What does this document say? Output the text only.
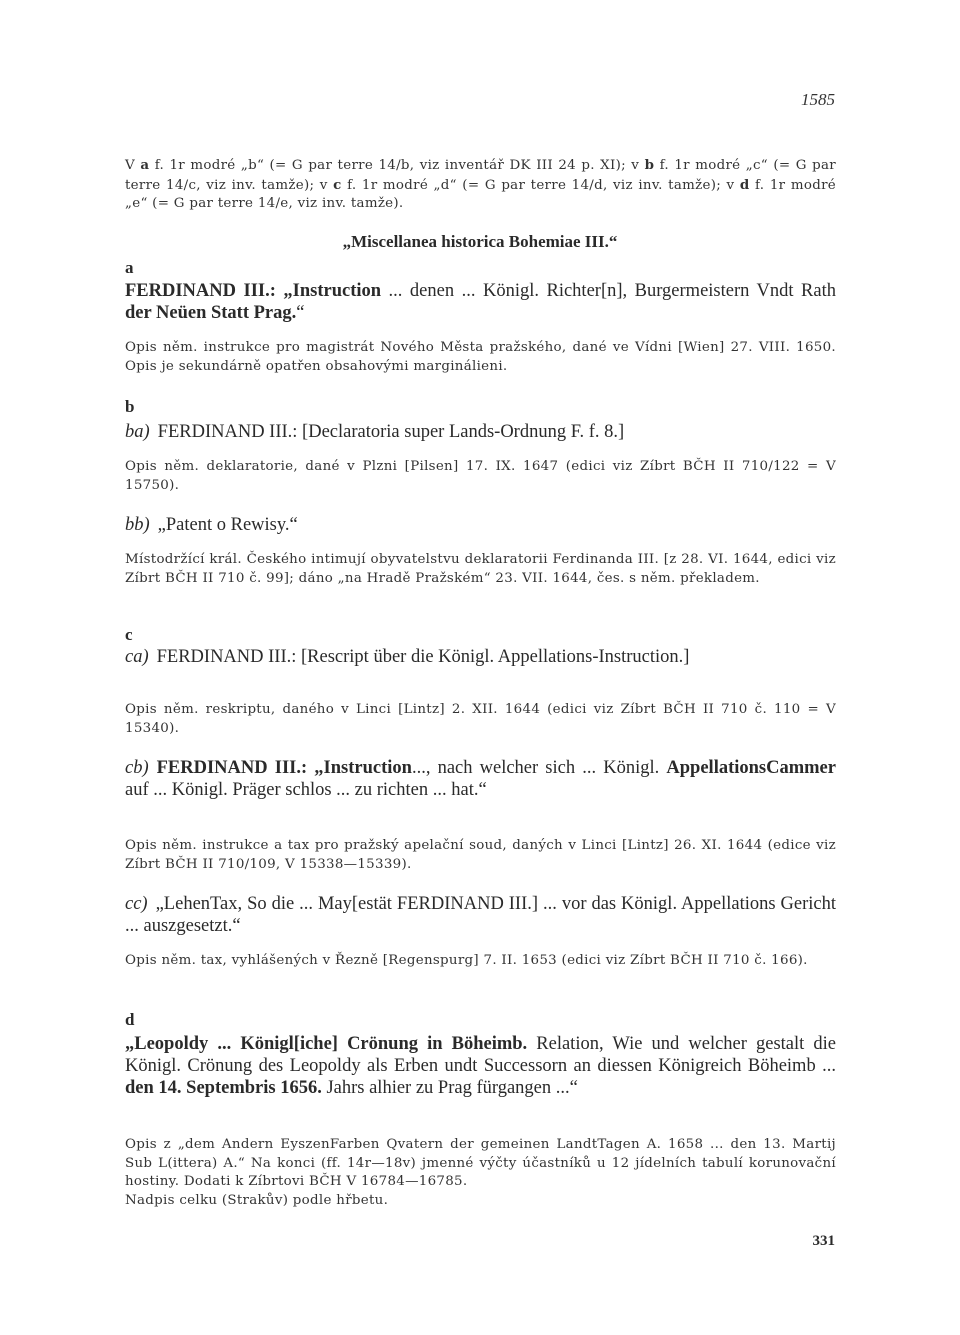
1585
V a f. 1r modré „b“ (= G par terre 14/b, viz inventář DK III 24 p. XI); v b f. 1r modré „c“ (= G par terre 14/c, viz inv. tamže); v c f. 1r modré „d“ (= G par terre 14/d, viz inv. tamže); v d f. 1r modré „e“ (= G par terre 14/e, viz inv. tamže).
„Miscellanea historica Bohemiae III.“
a
FERDINAND III.: „Instruction ... denen ... Königl. Richter[n], Burgermeistern Vndt Rath der Neüen Statt Prag.“
Opis něm. instrukce pro magistrát Nového Města pražského, dané ve Vídni [Wien] 27. VIII. 1650. Opis je sekundárně opatřen obsahovými marginálieni.
b
ba) FERDINAND III.: [Declaratoria super Lands-Ordnung F. f. 8.]
Opis něm. deklaratorie, dané v Plzni [Pilsen] 17. IX. 1647 (edici viz Zíbrt BČH II 710/122 = V 15750).
bb) „Patent o Rewisy.“
Místodržící král. Českého intimují obyvatelstvu deklaratorii Ferdinanda III. [z 28. VI. 1644, edici viz Zíbrt BČH II 710 č. 99]; dáno „na Hradě Pražském“ 23. VII. 1644, čes. s něm. překladem.
c
ca) FERDINAND III.: [Rescript über die Königl. Appellations-Instruction.]
Opis něm. reskriptu, daného v Linci [Lintz] 2. XII. 1644 (edici viz Zíbrt BČH II 710 č. 110 = V 15340).
cb) FERDINAND III.: „Instruction..., nach welcher sich ... Königl. AppellationsCammer auf ... Königl. Präger schlos ... zu richten ... hat.“
Opis něm. instrukce a tax pro pražský apelační soud, daných v Linci [Lintz] 26. XI. 1644 (edice viz Zíbrt BČH II 710/109, V 15338—15339).
cc) „LehenTax, So die ... May[estät FERDINAND III.] ... vor das Königl. Appellations Gericht ... auszgesetzt.“
Opis něm. tax, vyhlášených v Řezně [Regenspurg] 7. II. 1653 (edici viz Zíbrt BČH II 710 č. 166).
d
„Leopoldy ... Königl[iche] Crönung in Böheimb. Relation, Wie und welcher gestalt die Königl. Crönung des Leopoldy als Erben undt Successorn an diessen Königreich Böheimb ... den 14. Septembris 1656. Jahrs alhier zu Prag fürgangen ...“
Opis z „dem Andern EyszenFarben Qvatern der gemeinen LandtTagen A. 1658 ... den 13. Martij Sub L(ittera) A.“ Na konci (ff. 14r—18v) jmenné výčty účastníků u 12 jídelních tabulí korunovační hostiny. Dodati k Zíbrtovi BČH V 16784—16785.
Nadpis celku (Strakův) podle hřbetu.
331
